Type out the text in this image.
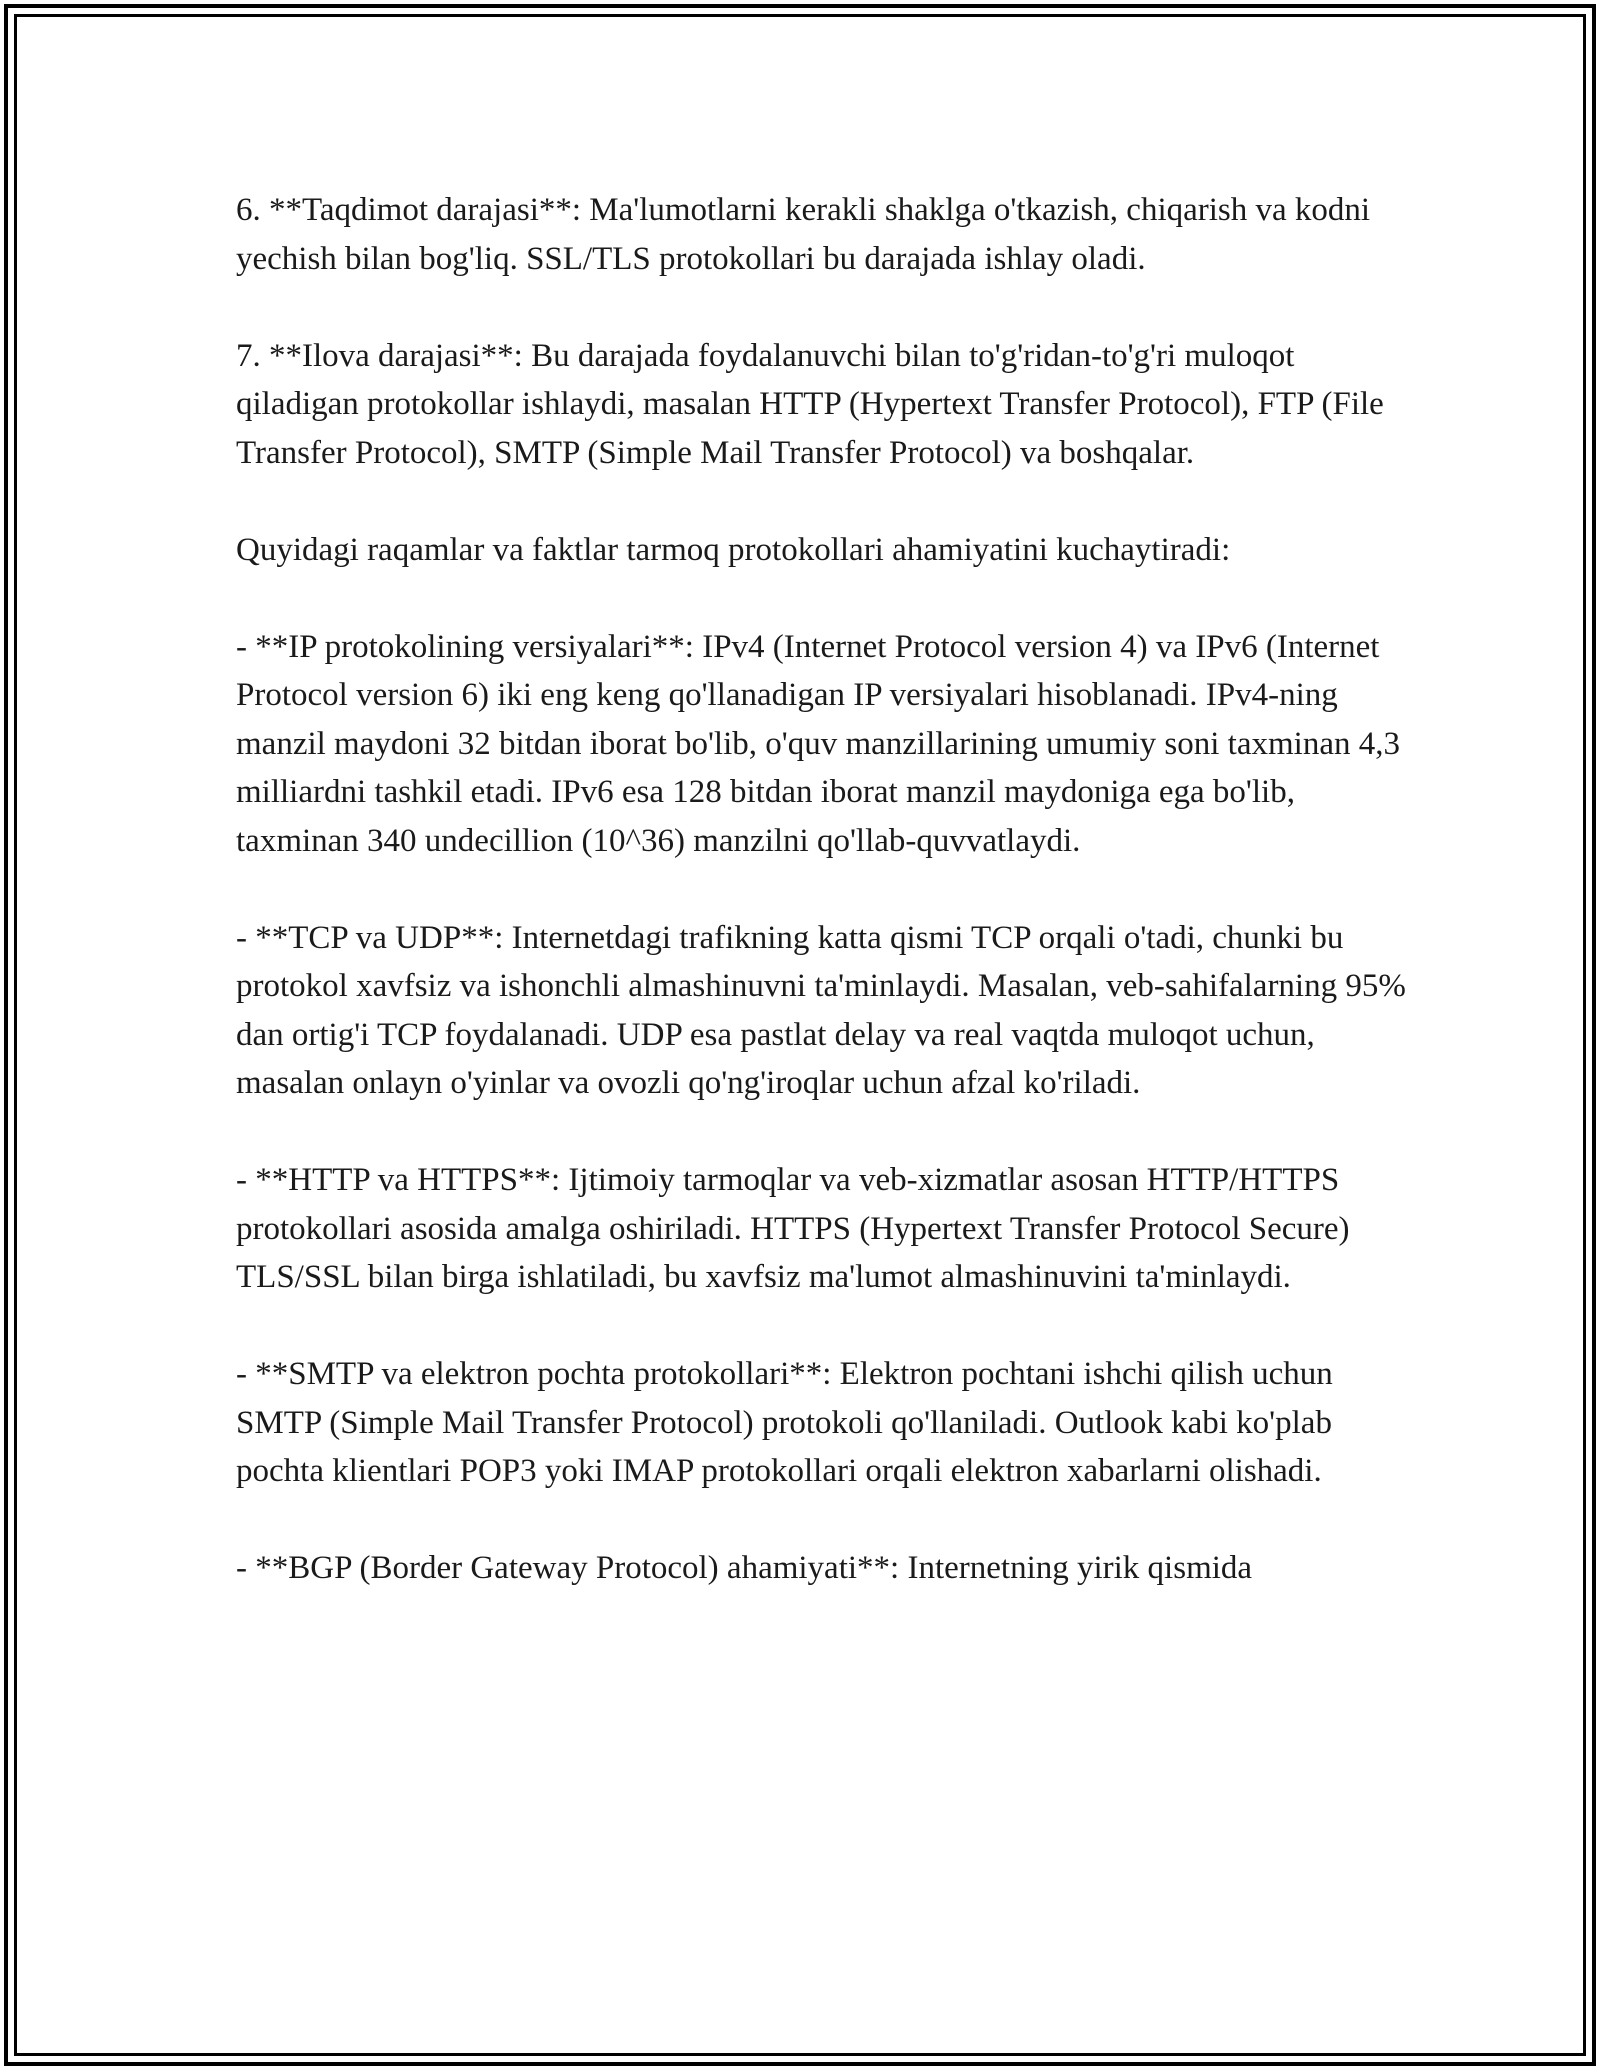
6. **Taqdimot darajasi**: Ma'lumotlarni kerakli shaklga o'tkazish, chiqarish va kodni yechish bilan bog'liq. SSL/TLS protokollari bu darajada ishlay oladi.

7. **Ilova darajasi**: Bu darajada foydalanuvchi bilan to'g'ridan-to'g'ri muloqot qiladigan protokollar ishlaydi, masalan HTTP (Hypertext Transfer Protocol), FTP (File Transfer Protocol), SMTP (Simple Mail Transfer Protocol) va boshqalar.

Quyidagi raqamlar va faktlar tarmoq protokollari ahamiyatini kuchaytiradi:

- **IP protokolining versiyalari**: IPv4 (Internet Protocol version 4) va IPv6 (Internet Protocol version 6) iki eng keng qo'llanadigan IP versiyalari hisoblanadi. IPv4-ning manzil maydoni 32 bitdan iborat bo'lib, o'quv manzillarining umumiy soni taxminan 4,3 milliardni tashkil etadi. IPv6 esa 128 bitdan iborat manzil maydoniga ega bo'lib, taxminan 340 undecillion (10^36) manzilni qo'llab-quvvatlaydi.

- **TCP va UDP**: Internetdagi trafikning katta qismi TCP orqali o'tadi, chunki bu protokol xavfsiz va ishonchli almashinuvni ta'minlaydi. Masalan, veb-sahifalarning 95% dan ortig'i TCP foydalanadi. UDP esa pastlat delay va real vaqtda muloqot uchun, masalan onlayn o'yinlar va ovozli qo'ng'iroqlar uchun afzal ko'riladi.

- **HTTP va HTTPS**: Ijtimoiy tarmoqlar va veb-xizmatlar asosan HTTP/HTTPS protokollari asosida amalga oshiriladi. HTTPS (Hypertext Transfer Protocol Secure) TLS/SSL bilan birga ishlatiladi, bu xavfsiz ma'lumot almashinuvini ta'minlaydi.

- **SMTP va elektron pochta protokollari**: Elektron pochtani ishchi qilish uchun SMTP (Simple Mail Transfer Protocol) protokoli qo'llaniladi. Outlook kabi ko'plab pochta klientlari POP3 yoki IMAP protokollari orqali elektron xabarlarni olishadi.

- **BGP (Border Gateway Protocol) ahamiyati**: Internetning yirik qismida
